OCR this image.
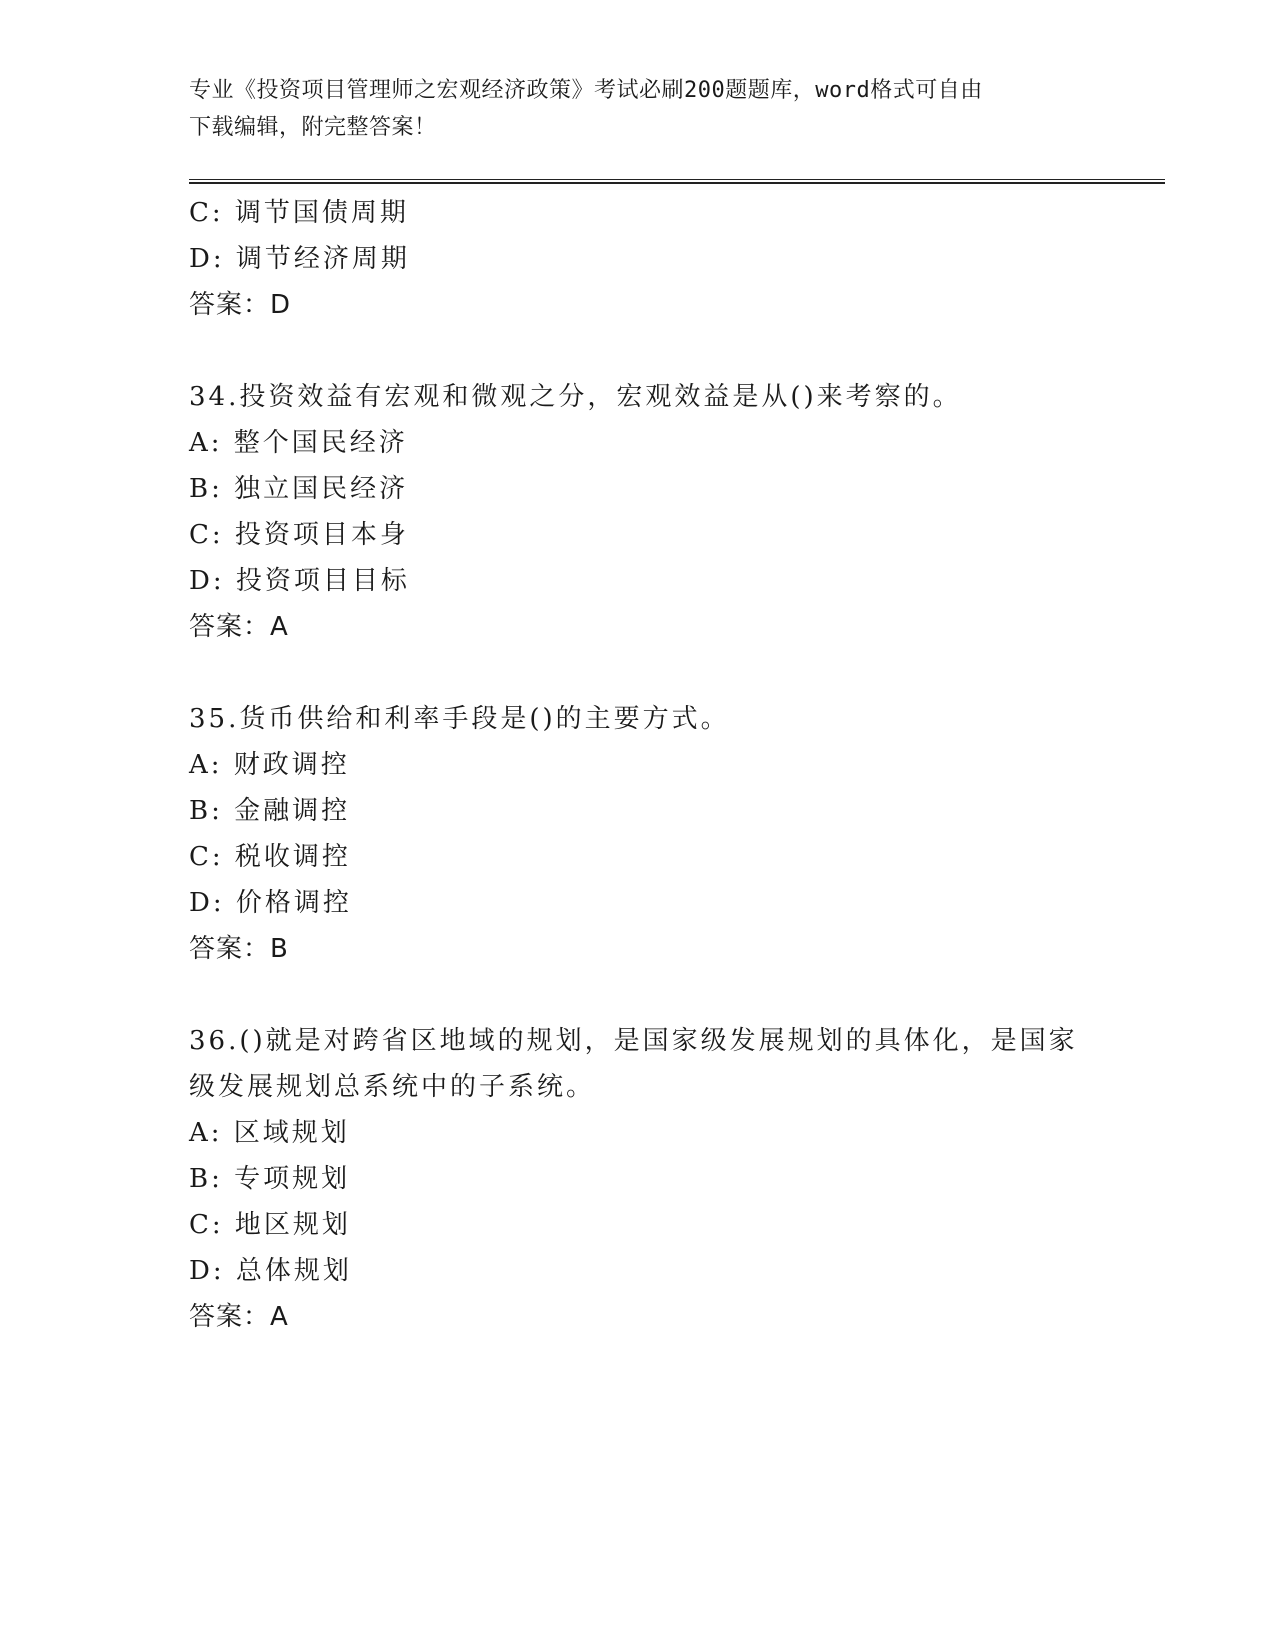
专业《投资项目管理师之宏观经济政策》考试必刷200题题库，word格式可自由
下载编辑，附完整答案！
C: 调节国债周期
D: 调节经济周期
答案：D
34.投资效益有宏观和微观之分，宏观效益是从()来考察的。
A: 整个国民经济
B: 独立国民经济
C: 投资项目本身
D: 投资项目目标
答案：A
35.货币供给和利率手段是()的主要方式。
A: 财政调控
B: 金融调控
C: 税收调控
D: 价格调控
答案：B
36.()就是对跨省区地域的规划，是国家级发展规划的具体化，是国家
级发展规划总系统中的子系统。
A: 区域规划
B: 专项规划
C: 地区规划
D: 总体规划
答案：A
